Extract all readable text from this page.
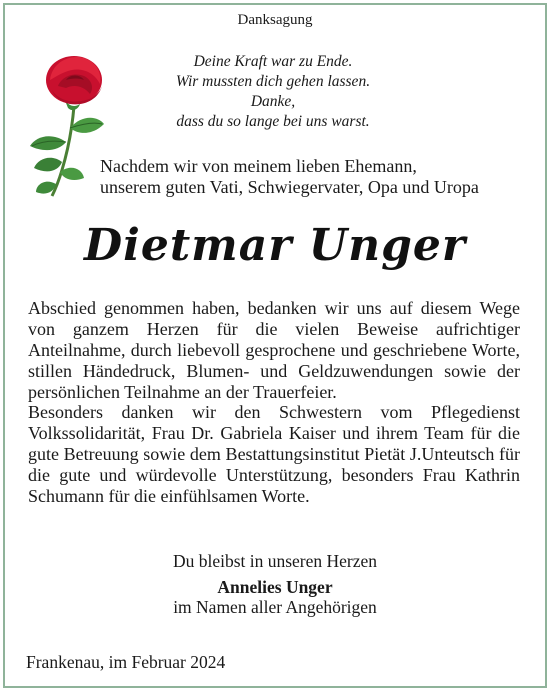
Danksagung
Deine Kraft war zu Ende.
Wir mussten dich gehen lassen.
Danke,
dass du so lange bei uns warst.
Nachdem wir von meinem lieben Ehemann,
unserem guten Vati, Schwiegervater, Opa und Uropa
Dietmar Unger
Abschied genommen haben, bedanken wir uns auf diesem Wege von ganzem Herzen für die vielen Beweise aufrichtiger Anteilnahme, durch liebevoll gesprochene und geschriebene Worte, stillen Händedruck, Blumen- und Geldzuwendungen sowie der persönlichen Teilnahme an der Trauerfeier.
Besonders danken wir den Schwestern vom Pflegedienst Volkssolidarität, Frau Dr. Gabriela Kaiser und ihrem Team für die gute Betreuung sowie dem Bestattungsinstitut Pietät J.Unteutsch für die gute und würdevolle Unterstützung, besonders Frau Kathrin Schumann für die einfühlsamen Worte.
Du bleibst in unseren Herzen
Annelies Unger
im Namen aller Angehörigen
Frankenau, im Februar 2024
